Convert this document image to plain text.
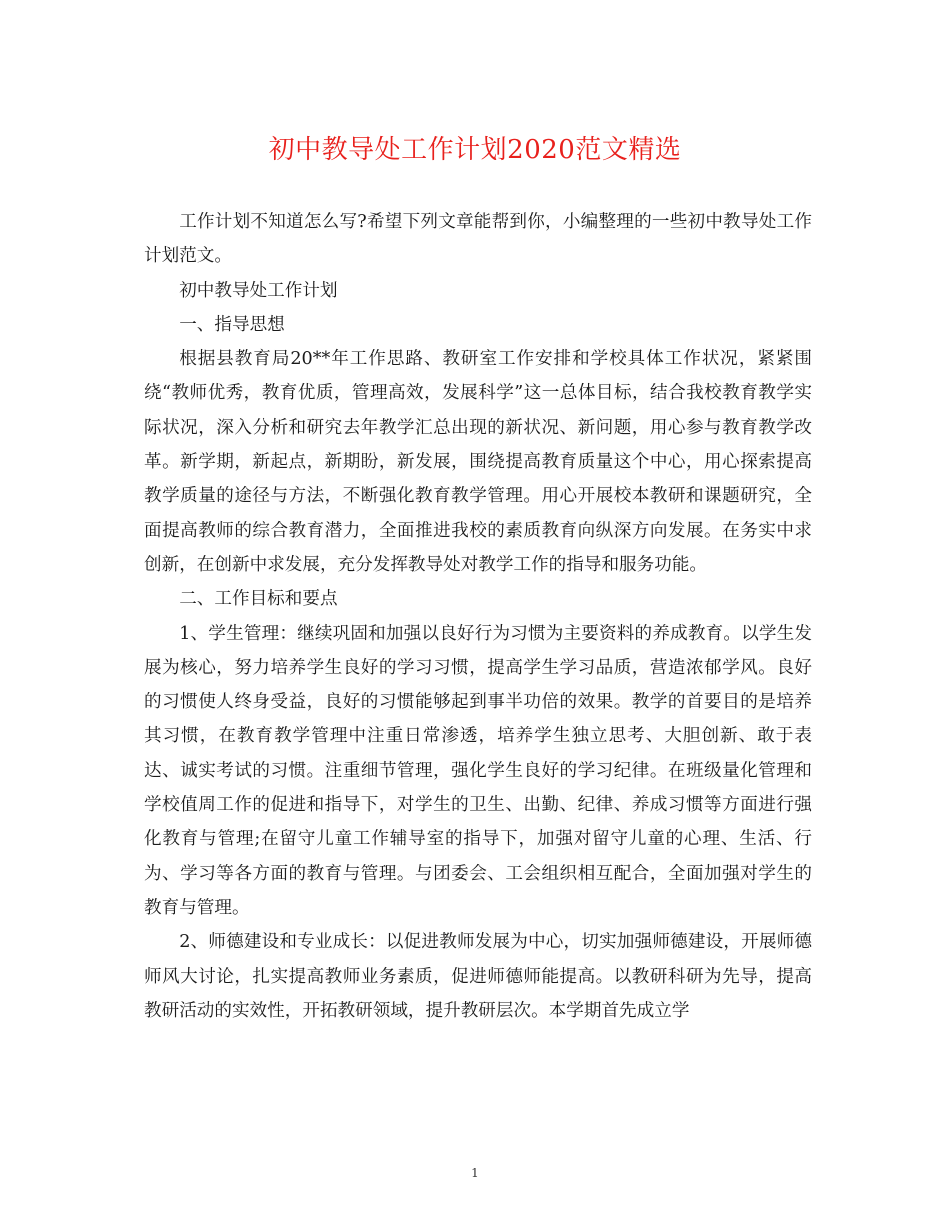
初中教导处工作计划2020范文精选

工作计划不知道怎么写?希望下列文章能帮到你，小编整理的一些初中教导处工作计划范文。

初中教导处工作计划

一、指导思想

根据县教育局20**年工作思路、教研室工作安排和学校具体工作状况，紧紧围绕“教师优秀，教育优质，管理高效，发展科学”这一总体目标，结合我校教育教学实际状况，深入分析和研究去年教学汇总出现的新状况、新问题，用心参与教育教学改革。新学期，新起点，新期盼，新发展，围绕提高教育质量这个中心，用心探索提高教学质量的途径与方法，不断强化教育教学管理。用心开展校本教研和课题研究，全面提高教师的综合教育潜力，全面推进我校的素质教育向纵深方向发展。在务实中求创新，在创新中求发展，充分发挥教导处对教学工作的指导和服务功能。

二、工作目标和要点

1、学生管理：继续巩固和加强以良好行为习惯为主要资料的养成教育。以学生发展为核心，努力培养学生良好的学习习惯，提高学生学习品质，营造浓郁学风。良好的习惯使人终身受益，良好的习惯能够起到事半功倍的效果。教学的首要目的是培养其习惯，在教育教学管理中注重日常渗透，培养学生独立思考、大胆创新、敢于表达、诚实考试的习惯。注重细节管理，强化学生良好的学习纪律。在班级量化管理和学校值周工作的促进和指导下，对学生的卫生、出勤、纪律、养成习惯等方面进行强化教育与管理;在留守儿童工作辅导室的指导下，加强对留守儿童的心理、生活、行为、学习等各方面的教育与管理。与团委会、工会组织相互配合，全面加强对学生的教育与管理。

2、师德建设和专业成长：以促进教师发展为中心，切实加强师德建设，开展师德师风大讨论，扎实提高教师业务素质，促进师德师能提高。以教研科研为先导，提高教研活动的实效性，开拓教研领域，提升教研层次。本学期首先成立学

1
